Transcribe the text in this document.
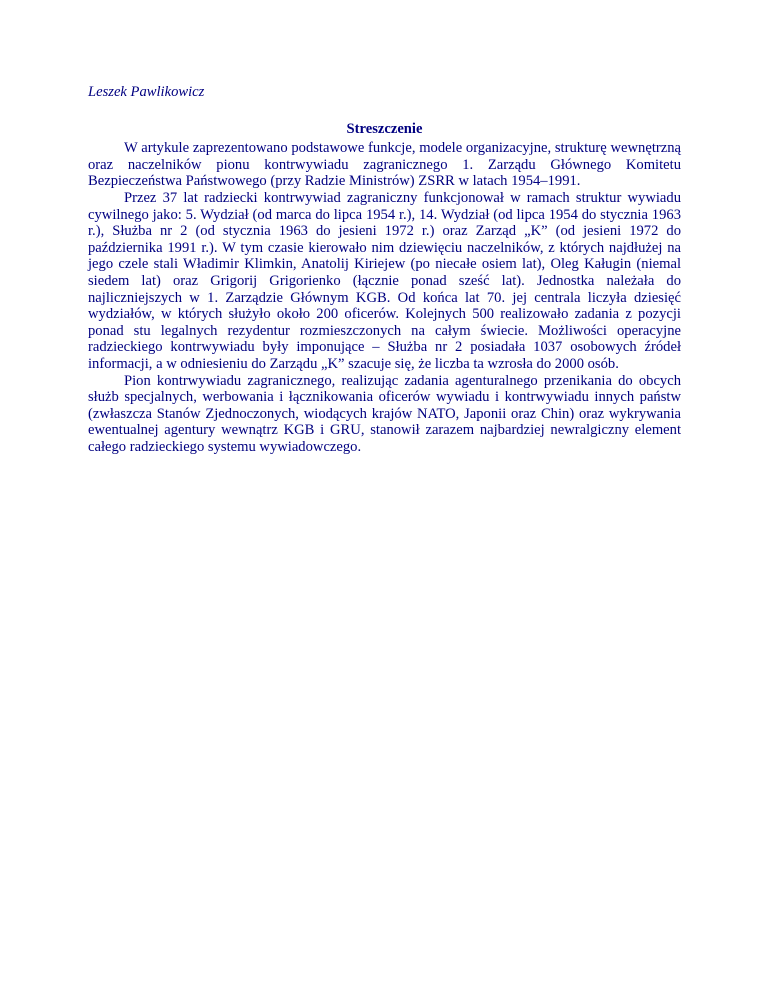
Leszek Pawlikowicz
Streszczenie

W artykule zaprezentowano podstawowe funkcje, modele organizacyjne, strukturę wewnętrzną oraz naczelników pionu kontrwywiadu zagranicznego 1. Zarządu Głównego Komitetu Bezpieczeństwa Państwowego (przy Radzie Ministrów) ZSRR w latach 1954–1991.

Przez 37 lat radziecki kontrwywiad zagraniczny funkcjonował w ramach struktur wywiadu cywilnego jako: 5. Wydział (od marca do lipca 1954 r.), 14. Wydział (od lipca 1954 do stycznia 1963 r.), Służba nr 2 (od stycznia 1963 do jesieni 1972 r.) oraz Zarząd „K” (od jesieni 1972 do października 1991 r.). W tym czasie kierowało nim dziewięciu naczelników, z których najdłużej na jego czele stali Władimir Klimkin, Anatolij Kiriejew (po niecałe osiem lat), Oleg Kaługin (niemal siedem lat) oraz Grigorij Grigorienko (łącznie ponad sześć lat). Jednostka należała do najliczniejszych w 1. Zarządzie Głównym KGB. Od końca lat 70. jej centrala liczyła dziesięć wydziałów, w których służyło około 200 oficerów. Kolejnych 500 realizowało zadania z pozycji ponad stu legalnych rezydentur rozmieszczonych na całym świecie. Możliwości operacyjne radzieckiego kontrwywiadu były imponujące – Służba nr 2 posiadała 1037 osobowych źródeł informacji, a w odniesieniu do Zarządu „K” szacuje się, że liczba ta wzrosła do 2000 osób.

Pion kontrwywiadu zagranicznego, realizując zadania agenturalnego przenikania do obcych służb specjalnych, werbowania i łącznikowania oficerów wywiadu i kontrwywiadu innych państw (zwłaszcza Stanów Zjednoczonych, wiodących krajów NATO, Japonii oraz Chin) oraz wykrywania ewentualnej agentury wewnątrz KGB i GRU, stanowił zarazem najbardziej newralgiczny element całego radzieckiego systemu wywiadowczego.
